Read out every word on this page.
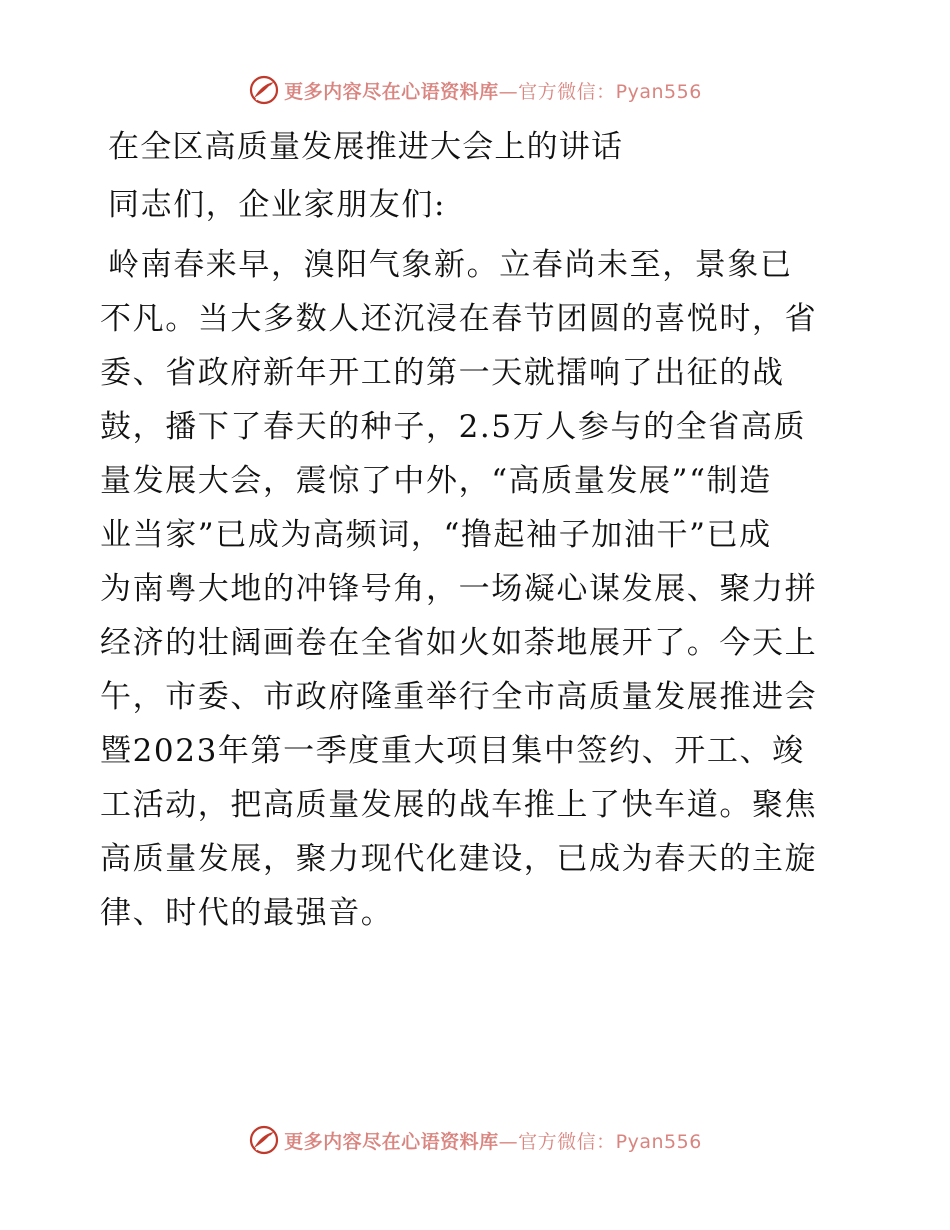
更多内容尽在心语资料库—官方微信：Pyan556
在全区高质量发展推进大会上的讲话
同志们，企业家朋友们:
岭南春来早，溴阳气象新。立春尚未至，景象已
不凡。当大多数人还沉浸在春节团圆的喜悦时，省
委、省政府新年开工的第一天就擂响了出征的战
鼓，播下了春天的种子，2.5万人参与的全省高质
量发展大会，震惊了中外，“高质量发展”“制造
业当家”已成为高频词，“撸起袖子加油干”已成
为南粤大地的冲锋号角，一场凝心谋发展、聚力拼
经济的壮阔画卷在全省如火如荼地展开了。今天上
午，市委、市政府隆重举行全市高质量发展推进会
暨2023年第一季度重大项目集中签约、开工、竣
工活动，把高质量发展的战车推上了快车道。聚焦
高质量发展，聚力现代化建设，已成为春天的主旋
律、时代的最强音。
更多内容尽在心语资料库—官方微信：Pyan556
